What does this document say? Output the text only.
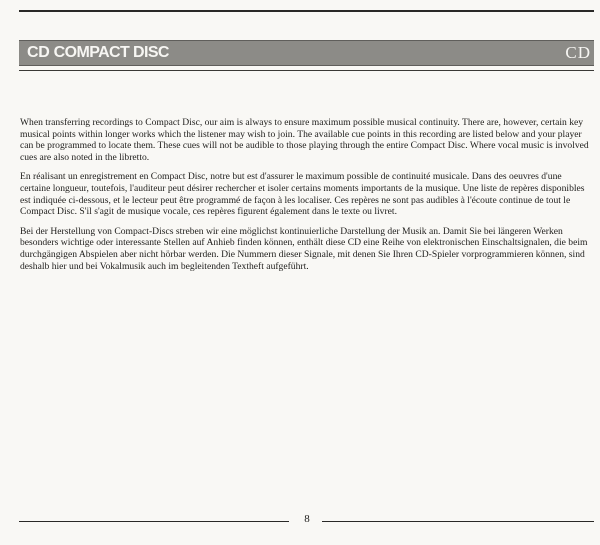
CD COMPACT DISC	CD

When transferring recordings to Compact Disc, our aim is always to ensure maximum possible musical continuity. There are, however, certain key musical points within longer works which the listener may wish to join. The available cue points in this recording are listed below and your player can be programmed to locate them. These cues will not be audible to those playing through the entire Compact Disc. Where vocal music is involved cues are also noted in the libretto.

En réalisant un enregistrement en Compact Disc, notre but est d'assurer le maximum possible de continuité musicale. Dans des oeuvres d'une certaine longueur, toutefois, l'auditeur peut désirer rechercher et isoler certains moments importants de la musique. Une liste de repères disponibles est indiquée ci-dessous, et le lecteur peut être programmé de façon à les localiser. Ces repères ne sont pas audibles à l'écoute continue de tout le Compact Disc. S'il s'agit de musique vocale, ces repères figurent également dans le texte ou livret.

Bei der Herstellung von Compact-Discs streben wir eine möglichst kontinuierliche Darstellung der Musik an. Damit Sie bei längeren Werken besonders wichtige oder interessante Stellen auf Anhieb finden können, enthält diese CD eine Reihe von elektronischen Einschaltsignalen, die beim durchgängigen Abspielen aber nicht hörbar werden. Die Nummern dieser Signale, mit denen Sie Ihren CD-Spieler vorprogrammieren können, sind deshalb hier und bei Vokalmusik auch im begleitenden Textheft aufgeführt.

8
